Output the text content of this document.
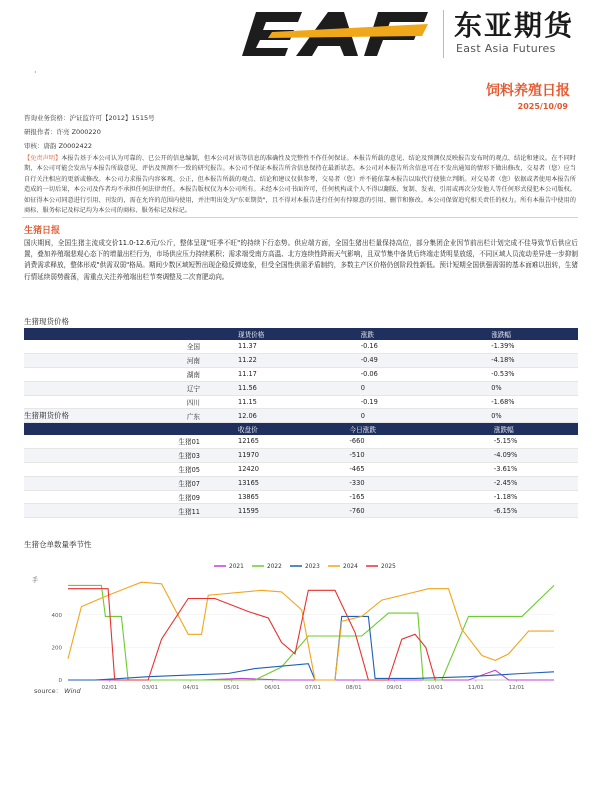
东亚期货
East Asia Futures
·
饲料养殖日报
2025/10/09
咨询业务资格：沪证监许可【2012】1515号
研报作者：许亮 Z000220
审核：唐韵 Z0002422
【免责声明】本报告基于本公司认为可靠的、已公开的信息编制，但本公司对该等信息的准确性及完整性不作任何保证。本报告所载的意见、结论及预测仅反映报告发布时的观点、结论和建议。在不同时期，本公司可能会发出与本报告所载意见、评估及预测不一致的研究报告。本公司不保证本报告所含信息保持在最新状态。本公司对本报告所含信息可在不发出通知的情形下做出修改，交易者（您）应当自行关注相应的更新或修改。本公司力求报告内容客观、公正，但本报告所载的观点、结论和建议仅供参考，交易者（您）并不能依靠本报告以取代行使独立判断。对交易者（您）依据或者使用本报告所造成的一切后果，本公司及作者均不承担任何法律责任。本报告版权仅为本公司所有。未经本公司书面许可，任何机构或个人不得以翻版、复制、发表、引用或再次分发他人等任何形式侵犯本公司版权。如征得本公司同意进行引用、刊发的，需在允许的范围内使用，并注明出处为"东亚期货"，且不得对本报告进行任何有悖原意的引用、删节和修改。本公司保留追究相关责任的权力。所有本报告中使用的商标、服务标记及标记均为本公司的商标、服务标记及标记。
生猪日报
国庆期间，全国生猪主流成交价11.0-12.6元/公斤，整体呈现"旺季不旺"的持续下行态势。供应端方面，全国生猪出栏量保持高位，部分集团企业因节前出栏计划完成不佳导致节后供应后置，叠加养殖端悲观心态下的增量出栏行为，市场供应压力持续累积；需求端受南方高温、北方连续性降雨天气影响，且双节集中备货后终端走货明显放缓，不同区域人员流动差异进一步抑制消费需求释放，整体形成"供需双弱"格局。期间少数区域短暂出现企稳反弹迹象，但受全国性供需矛盾制约，多数主产区价格仍创阶段性新低。预计短期全国供强需弱的基本面难以扭转，生猪行情延续弱势震荡，需重点关注养殖端出栏节奏调整及二次育肥动向。
生猪现货价格
	现货价格	涨跌	涨跌幅
全国	11.37	-0.16	-1.39%
河南	11.22	-0.49	-4.18%
湖南	11.17	-0.06	-0.53%
辽宁	11.56	0	0%
四川	11.15	-0.19	-1.68%
广东	12.06	0	0%
生猪期货价格
	收盘价	今日涨跌	涨跌幅
生猪01	12165	-660	-5.15%
生猪03	11970	-510	-4.09%
生猪05	12420	-465	-3.61%
生猪07	13165	-330	-2.45%
生猪09	13865	-165	-1.18%
生猪11	11595	-760	-6.15%
生猪仓单数量季节性
手
0
200
400
02/01	03/01	04/01	05/01	06/01	07/01	08/01	09/01	10/01	11/01	12/01
2021	2022	2023	2024	2025
source： Wind
